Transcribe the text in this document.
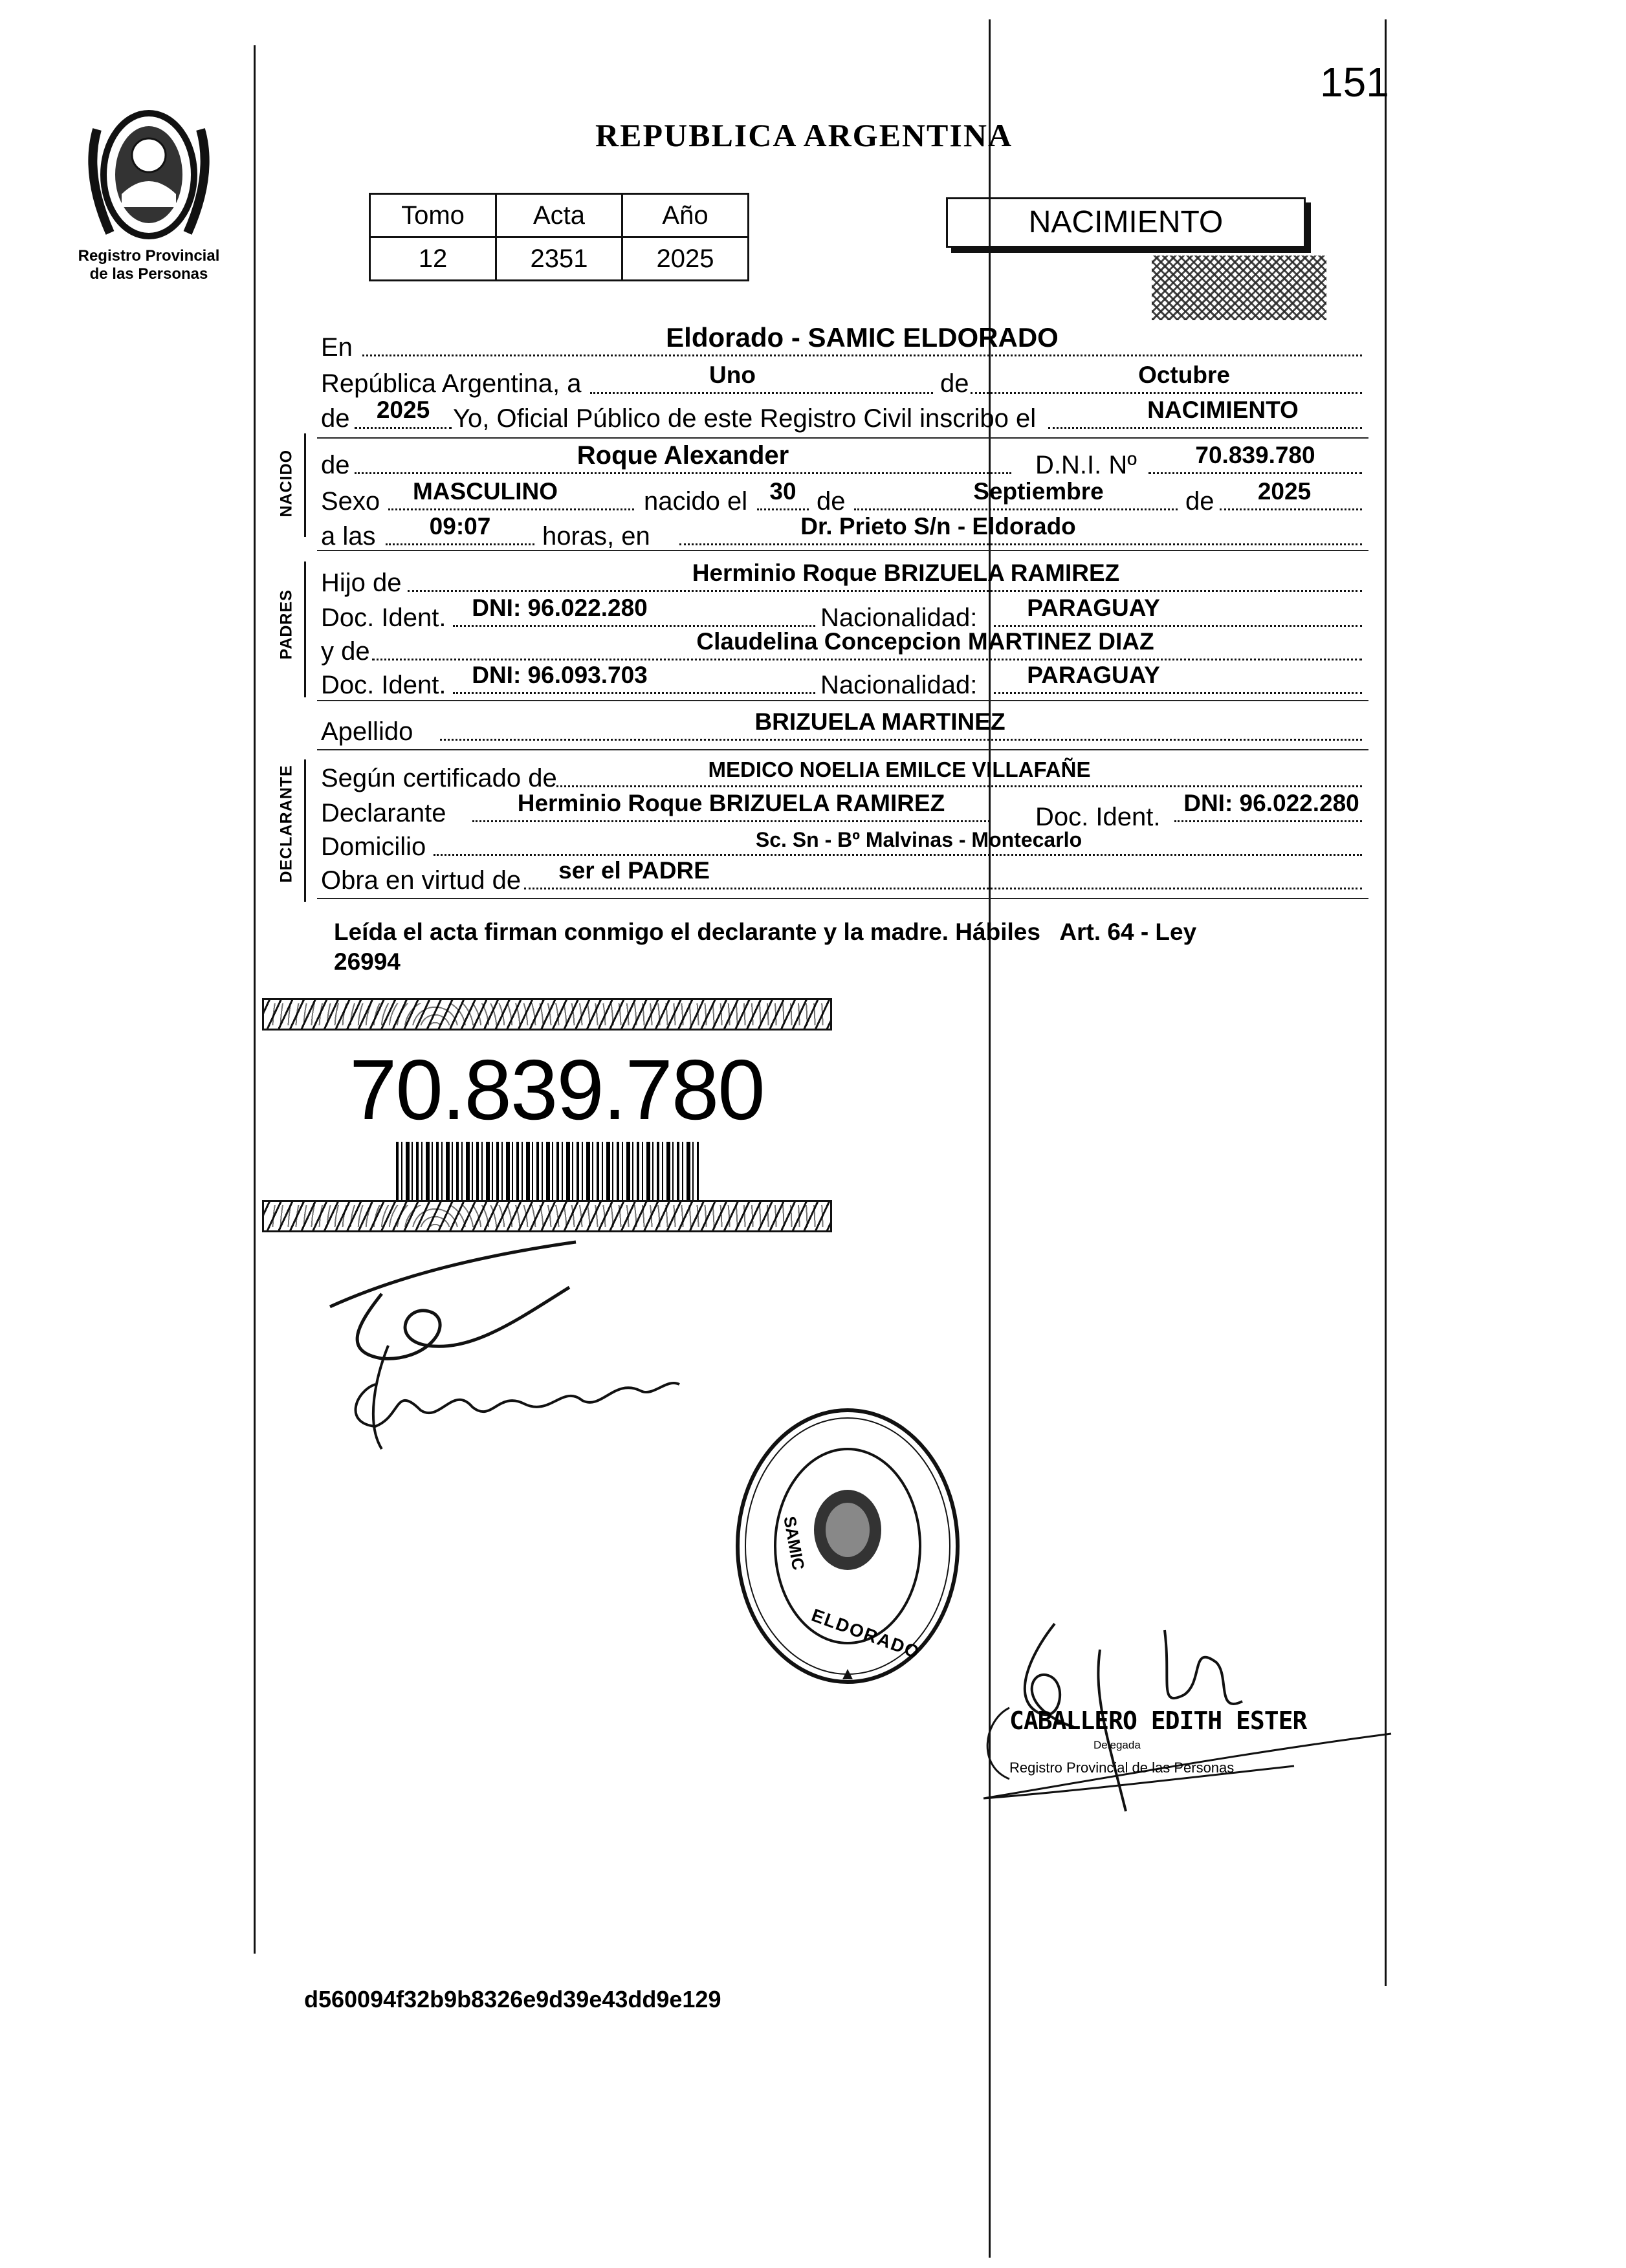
151
Registro Provincial
de las Personas
REPUBLICA ARGENTINA
Tomo	Acta	Año
12	2351	2025
NACIMIENTO
En	Eldorado - SAMIC ELDORADO
República Argentina, a	Uno	de	Octubre
de	2025 Yo, Oficial Público de este Registro Civil inscribo el	NACIMIENTO
NACIDO de	Roque Alexander	D.N.I. Nº	70.839.780
Sexo	MASCULINO	nacido el 30 de	Septiembre	de	2025
a las	09:07	horas, en	Dr. Prieto S/n - Eldorado
PADRES
Hijo de	Herminio Roque BRIZUELA RAMIREZ
Doc. Ident.	DNI: 96.022.280	Nacionalidad:	PARAGUAY
y de	Claudelina Concepcion MARTINEZ DIAZ
Doc. Ident.	DNI: 96.093.703	Nacionalidad:	PARAGUAY
Apellido	BRIZUELA MARTINEZ
DECLARANTE Según certificado de	MEDICO NOELIA EMILCE VILLAFAÑE
Declarante	Herminio Roque BRIZUELA RAMIREZ	Doc. Ident. DNI: 96.022.280
Domicilio	Sc. Sn - Bº Malvinas - Montecarlo
Obra en virtud de	ser el PADRE
Leída el acta firman conmigo el declarante y la madre. Hábiles   Art. 64 - Ley
26994
70.839.780
DELEGACION DEL REGISTRO PROVINCIAL DE LAS PERSONAS
SAMIC
ELDORADO
CABALLERO EDITH ESTER
Delegada
Registro Provincial de las Personas
d560094f32b9b8326e9d39e43dd9e129
